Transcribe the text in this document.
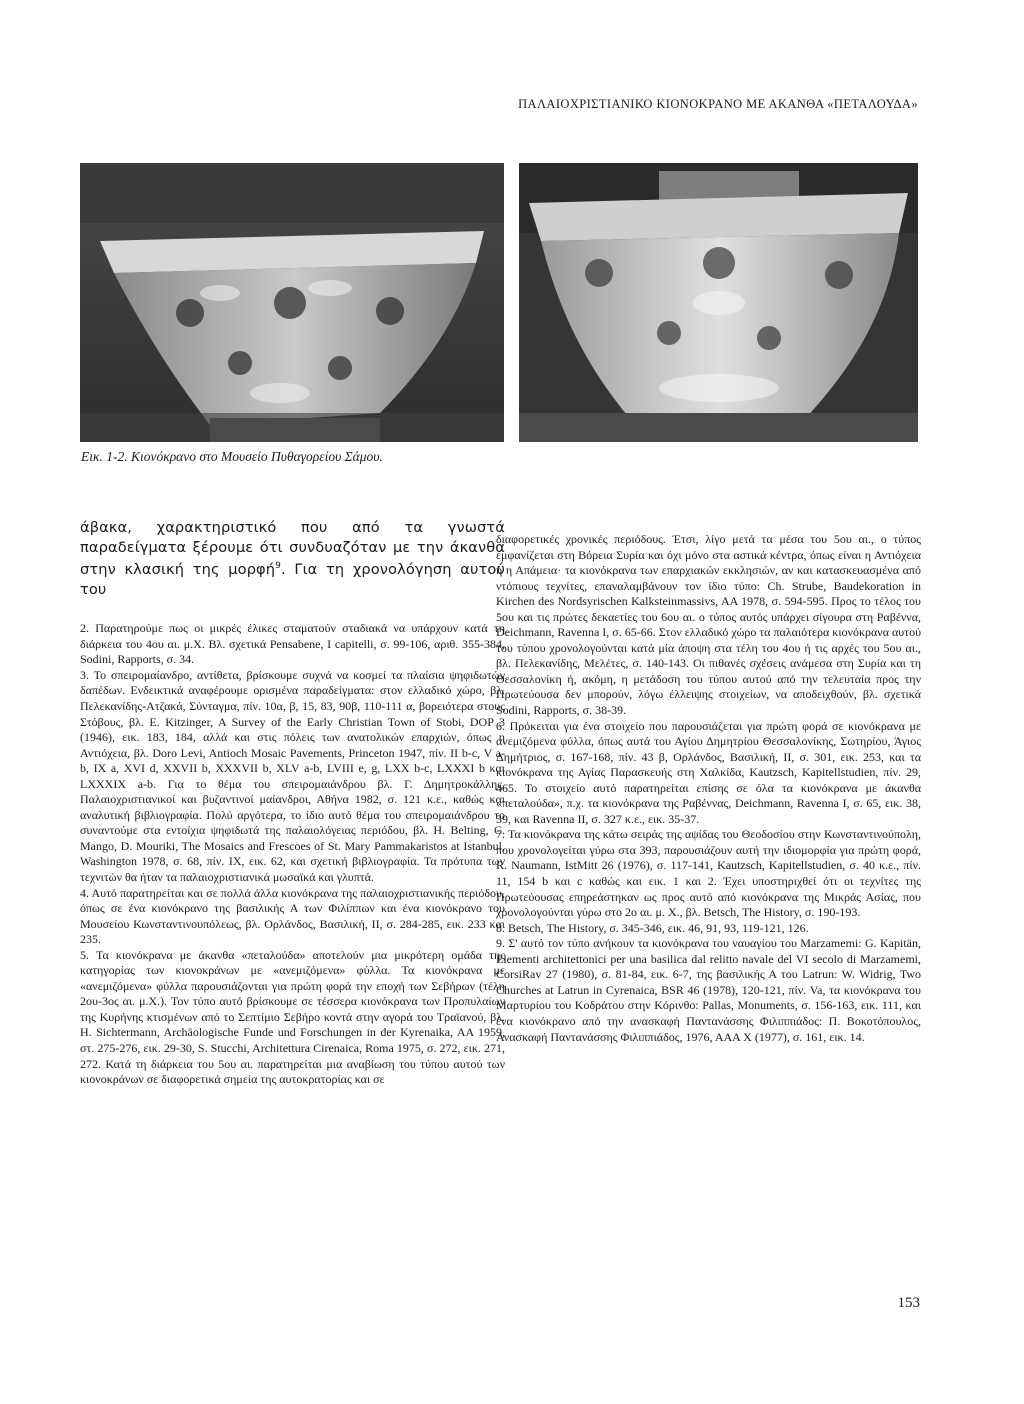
ΠΑΛΑΙΟΧΡΙΣΤΙΑΝΙΚΟ ΚΙΟΝΟΚΡΑΝΟ ΜΕ ΑΚΑΝΘΑ «ΠΕΤΑΛΟΥΔΑ»
Εικ. 1-2. Κιονόκρανο στο Μουσείο Πυθαγορείου Σάμου.

άβακα, χαρακτηριστικό που από τα γνωστά παραδείγματα ξέρουμε ότι συνδυαζόταν με την άκανθα στην κλασική της μορφή$^9$. Για τη χρονολόγηση αυτού του

2. Παρατηρούμε πως οι μικρές έλικες σταματούν σταδιακά να υπάρχουν κατά τη διάρκεια του 4ου αι. μ.Χ. Βλ. σχετικά Pensabene, I capitelli, σ. 99-106, αριθ. 355-384, Sodini, Rapports, σ. 34.

3. Το σπειρομαίανδρο, αντίθετα, βρίσκουμε συχνά να κοσμεί τα πλαίσια ψηφιδωτών δαπέδων. Ενδεικτικά αναφέρουμε ορισμένα παραδείγματα: στον ελλαδικό χώρο, βλ. Πελεκανίδης-Ατζακά, Σύνταγμα, πίν. 10α, β, 15, 83, 90β, 110-111 α, βορειότερα στους Στόβους, βλ. E. Kitzinger, A Survey of the Early Christian Town of Stobi, DOP 3 (1946), εικ. 183, 184, αλλά και στις πόλεις των ανατολικών επαρχιών, όπως η Αντιόχεια, βλ. Doro Levi, Antioch Mosaic Pavements, Princeton 1947, πίν. II b-c, V a-b, IX a, XVI d, XXVII b, XXXVII b, XLV a-b, LVIII e, g, LXX b-c, LXXXI b και LXXXIX a-b. Για το θέμα του σπειρομαιάνδρου βλ. Γ. Δημητροκάλλης, Παλαιοχριστιανικοί και βυζαντινοί μαίανδροι, Αθήνα 1982, σ. 121 κ.ε., καθώς και αναλυτική βιβλιογραφία. Πολύ αργότερα, το ίδιο αυτό θέμα του σπειρομαιάνδρου το συναντούμε στα εντοίχια ψηφιδωτά της παλαιολόγειας περιόδου, βλ. H. Belting, C. Mango, D. Mouriki, The Mosaics and Frescoes of St. Mary Pammakaristos at Istanbul, Washington 1978, σ. 68, πίν. IX, εικ. 62, και σχετική βιβλιογραφία. Τα πρότυπα των τεχνιτών θα ήταν τα παλαιοχριστιανικά μωσαϊκά και γλυπτά.

4. Αυτό παρατηρείται και σε πολλά άλλα κιονόκρανα της παλαιοχριστιανικής περιόδου, όπως σε ένα κιονόκρανο της βασιλικής Α των Φιλίππων και ένα κιονόκρανο του Μουσείου Κωνσταντινουπόλεως, βλ. Ορλάνδος, Βασιλική, II, σ. 284-285, εικ. 233 και 235.

5. Τα κιονόκρανα με άκανθα «πεταλούδα» αποτελούν μια μικρότερη ομάδα της κατηγορίας των κιονοκράνων με «ανεμιζόμενα» φύλλα. Τα κιονόκρανα με «ανεμιζόμενα» φύλλα παρουσιάζονται για πρώτη φορά την εποχή των Σεβήρων (τέλη 2ου-3ος αι. μ.Χ.). Τον τύπο αυτό βρίσκουμε σε τέσσερα κιονόκρανα των Προπυλαίων της Κυρήνης κτισμένων από το Σεπτίμιο Σεβήρο κοντά στην αγορά του Τραϊανού, βλ. H. Sichtermann, Archäologische Funde und Forschungen in der Kyrenaika, AA 1959, στ. 275-276, εικ. 29-30, S. Stucchi, Architettura Cirenaica, Roma 1975, σ. 272, εικ. 271, 272. Κατά τη διάρκεια του 5ου αι. παρατηρείται μια αναβίωση του τύπου αυτού των κιονοκράνων σε διαφορετικά σημεία της αυτοκρατορίας και σε

διαφορετικές χρονικές περιόδους. Έτσι, λίγο μετά τα μέσα του 5ου αι., ο τύπος εμφανίζεται στη Βόρεια Συρία και όχι μόνο στα αστικά κέντρα, όπως είναι η Αντιόχεια ή η Απάμεια· τα κιονόκρανα των επαρχιακών εκκλησιών, αν και κατασκευασμένα από ντόπιους τεχνίτες, επαναλαμβάνουν τον ίδιο τύπο: Ch. Strube, Baudekoration in Kirchen des Nordsyrischen Kalksteinmassivs, AA 1978, σ. 594-595. Προς το τέλος του 5ου και τις πρώτες δεκαετίες του 6ου αι. ο τύπος αυτός υπάρχει σίγουρα στη Ραβέννα, Deichmann, Ravenna I, σ. 65-66. Στον ελλαδικό χώρο τα παλαιότερα κιονόκρανα αυτού του τύπου χρονολογούνται κατά μία άποψη στα τέλη του 4ου ή τις αρχές του 5ου αι., βλ. Πελεκανίδης, Μελέτες, σ. 140-143. Οι πιθανές σχέσεις ανάμεσα στη Συρία και τη Θεσσαλονίκη ή, ακόμη, η μετάδοση του τύπου αυτού από την τελευταία προς την Πρωτεύουσα δεν μπορούν, λόγω έλλειψης στοιχείων, να αποδειχθούν, βλ. σχετικά Sodini, Rapports, σ. 38-39.

6. Πρόκειται για ένα στοιχείο που παρουσιάζεται για πρώτη φορά σε κιονόκρανα με ανεμιζόμενα φύλλα, όπως αυτά του Αγίου Δημητρίου Θεσσαλονίκης, Σωτηρίου, Άγιος Δημήτριος, σ. 167-168, πίν. 43 β, Ορλάνδος, Βασιλική, II, σ. 301, εικ. 253, και τα κιονόκρανα της Αγίας Παρασκευής στη Χαλκίδα, Kautzsch, Kapitellstudien, πίν. 29, 465. Το στοιχείο αυτό παρατηρείται επίσης σε όλα τα κιονόκρανα με άκανθα «πεταλούδα», π.χ. τα κιονόκρανα της Ραβέννας, Deichmann, Ravenna I, σ. 65, εικ. 38, 39, και Ravenna II, σ. 327 κ.ε., εικ. 35-37.

7. Τα κιονόκρανα της κάτω σειράς της αψίδας του Θεοδοσίου στην Κωνσταντινούπολη, που χρονολογείται γύρω στα 393, παρουσιάζουν αυτή την ιδιομορφία για πρώτη φορά, R. Naumann, IstMitt 26 (1976), σ. 117-141, Kautzsch, Kapitellstudien, σ. 40 κ.ε., πίν. 11, 154 b και c καθώς και εικ. 1 και 2. Έχει υποστηριχθεί ότι οι τεχνίτες της Πρωτεύουσας επηρεάστηκαν ως προς αυτό από κιονόκρανα της Μικράς Ασίας, που χρονολογούνται γύρω στο 2ο αι. μ. Χ., βλ. Betsch, The History, σ. 190-193.

8. Betsch, The History, σ. 345-346, εικ. 46, 91, 93, 119-121, 126.

9. Σ' αυτό τον τύπο ανήκουν τα κιονόκρανα του ναυαγίου του Marzamemi: G. Kapitän, Elementi architettonici per una basilica dal relitto navale del VI secolo di Marzamemi, CorsiRav 27 (1980), σ. 81-84, εικ. 6-7, της βασιλικής Α του Latrun: W. Widrig, Two Churches at Latrun in Cyrenaica, BSR 46 (1978), 120-121, πίν. Va, τα κιονόκρανα του Μαρτυρίου του Κοδράτου στην Κόρινθο: Pallas, Monuments, σ. 156-163, εικ. 111, και ένα κιονόκρανο από την ανασκαφή Παντανάσσης Φιλιππιάδος: Π. Βοκοτόπουλος, Ανασκαφή Παντανάσσης Φιλιππιάδος, 1976, ΑΑΑ Χ (1977), σ. 161, εικ. 14.

153
